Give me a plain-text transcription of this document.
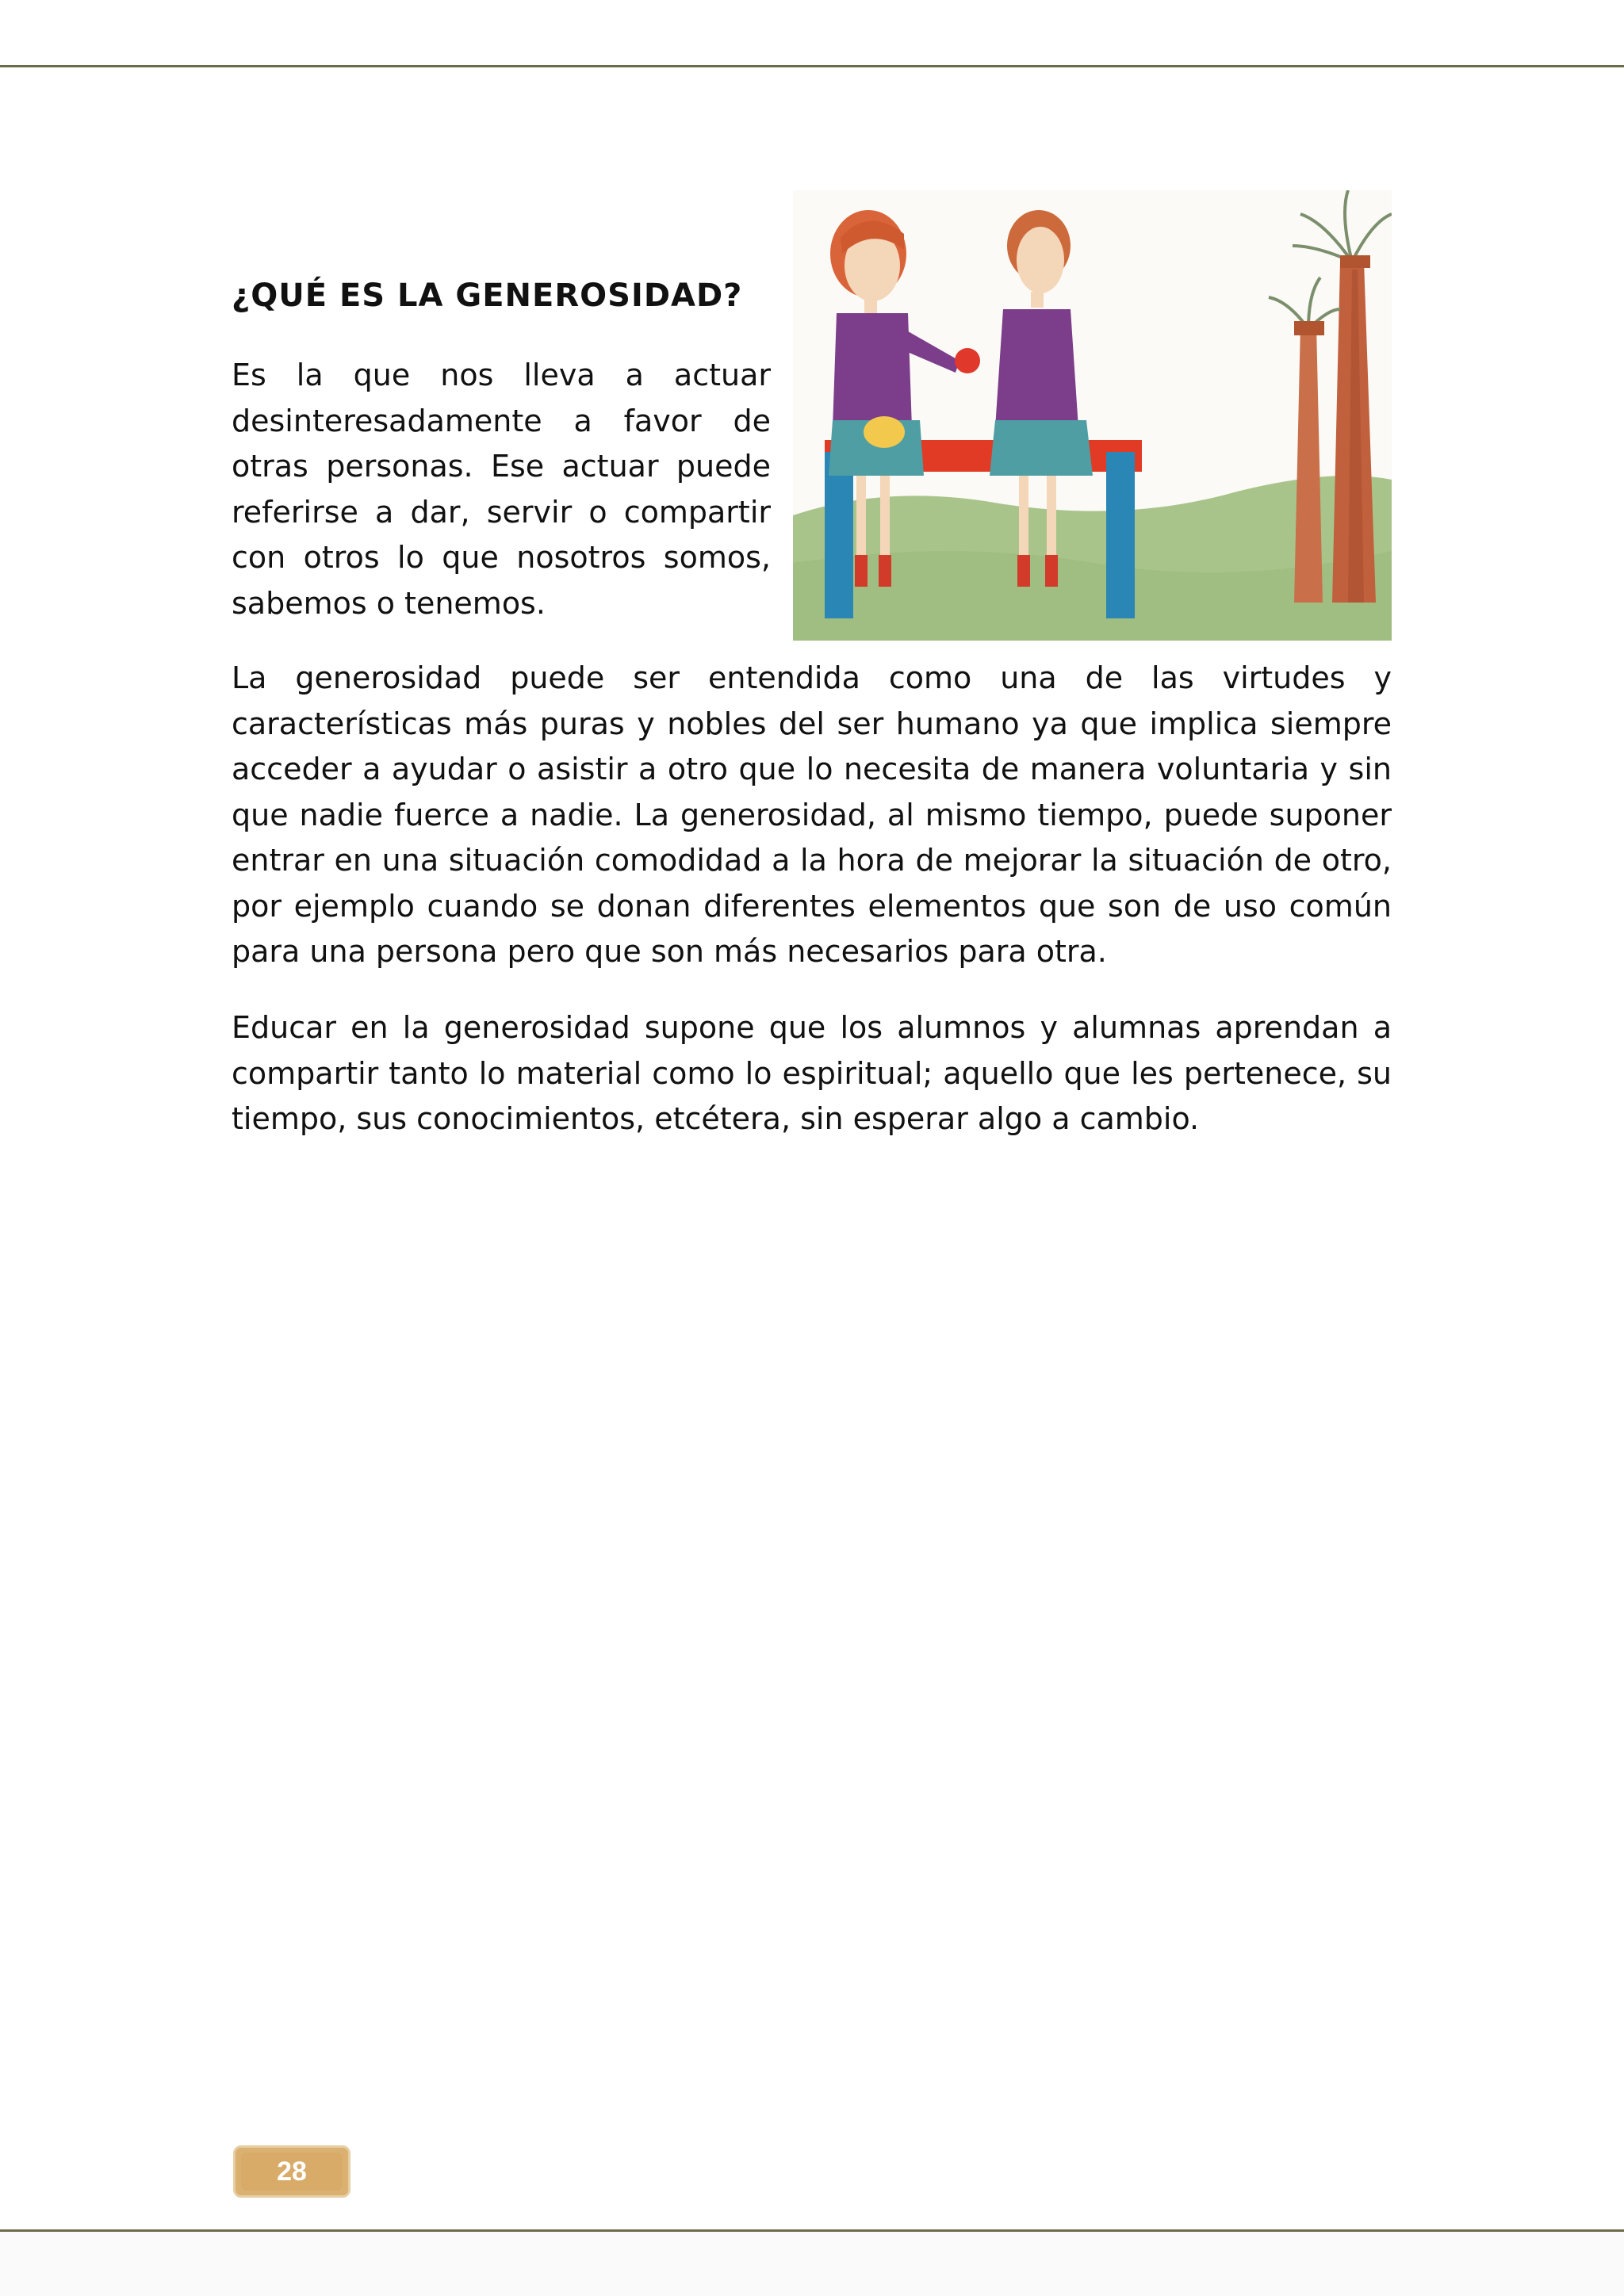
¿QUÉ ES LA GENEROSIDAD?

Es la que nos lleva a actuar desinteresadamente a favor de otras personas. Ese actuar puede referirse a dar, servir o compartir con otros lo que nosotros somos, sabemos o tenemos.

La generosidad puede ser entendida como una de las virtudes y características más puras y nobles del ser humano ya que implica siempre acceder a ayudar o asistir a otro que lo necesita de manera voluntaria y sin que nadie fuerce a nadie. La generosidad, al mismo tiempo, puede suponer entrar en una situación comodidad a la hora de mejorar la situación de otro, por ejemplo cuando se donan diferentes elementos que son de uso común para una persona pero que son más necesarios para otra.

Educar en la generosidad supone que los alumnos y alumnas aprendan a compartir tanto lo material como lo espiritual; aquello que les pertenece, su tiempo, sus conocimientos, etcétera, sin esperar algo a cambio.

28
